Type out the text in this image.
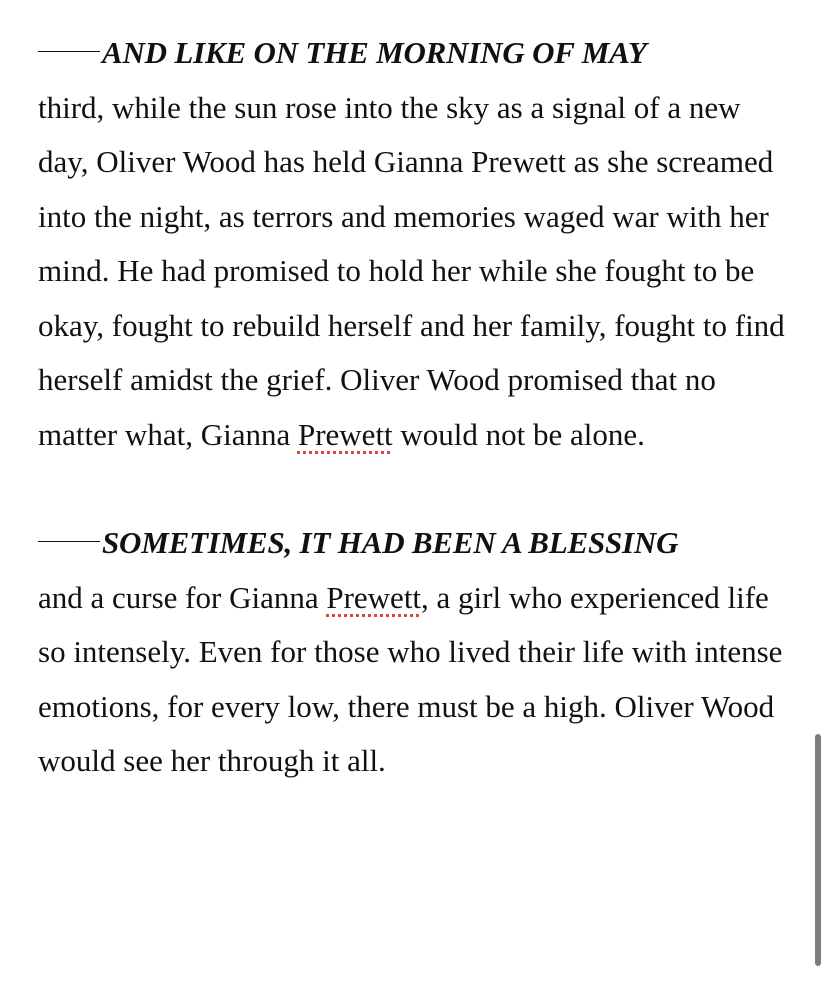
AND LIKE ON THE MORNING OF MAY
third, while the sun rose into the sky as a signal of a new day, Oliver Wood has held Gianna Prewett as she screamed into the night, as terrors and memories waged war with her mind. He had promised to hold her while she fought to be okay, fought to rebuild herself and her family, fought to find herself amidst the grief. Oliver Wood promised that no matter what, Gianna Prewett would not be alone.

SOMETIMES, IT HAD BEEN A BLESSING
and a curse for Gianna Prewett, a girl who experienced life so intensely. Even for those who lived their life with intense emotions, for every low, there must be a high. Oliver Wood would see her through it all.
